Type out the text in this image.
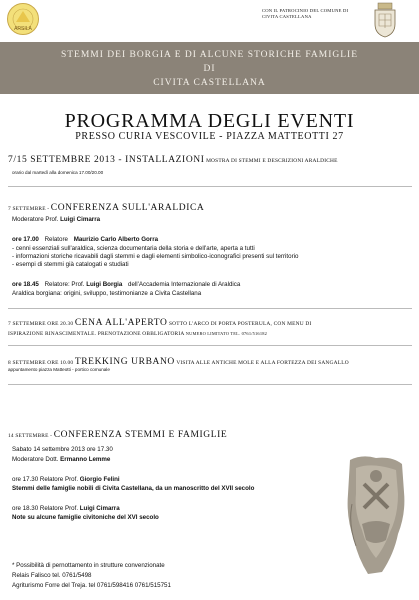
ARSILA
CON IL PATROCINIO DEL COMUNE DI
CIVITA CASTELLANA
STEMMI DEI BORGIA E DI ALCUNE STORICHE FAMIGLIE
DI
CIVITA CASTELLANA
PROGRAMMA DEGLI EVENTI
PRESSO CURIA VESCOVILE - PIAZZA MATTEOTTI 27
7/15 SETTEMBRE 2013 - INSTALLAZIONI MOSTRA DI STEMMI E DESCRIZIONI ARALDICHE
orario dal martedì alla domenica 17.00/20.00
7 SETTEMBRE - CONFERENZA SULL'ARALDICA
Moderatore Prof. Luigi Cimarra
ore 17.00 Relatore Maurizio Carlo Alberto Gorra
- cenni essenziali sull'araldica, scienza documentaria della storia e dell'arte, aperta a tutti
- informazioni storiche ricavabili dagli stemmi e dagli elementi simbolico-iconografici presenti sul territorio
- esempi di stemmi già catalogati e studiati
ore 18.45 Relatore: Prof. Luigi Borgia dell'Accademia Internazionale di Araldica
Araldica borgiana: origini, sviluppo, testimonianze a Civita Castellana
7 SETTEMBRE ORE 20.30 CENA ALL'APERTO SOTTO L'ARCO DI PORTA POSTERULA, CON MENU DI
ISPIRAZIONE RINASCIMENTALE. PRENOTAZIONE OBBLIGATORIA NUMERO LIMITATO TEL. 0761/516182
8 SETTEMBRE ORE 10.00 TREKKING URBANO VISITA ALLE ANTICHE MOLE E ALLA FORTEZZA DEI SANGALLO
appuntamento piazza Matteotti - portico comunale
14 SETTEMBRE - CONFERENZA STEMMI E FAMIGLIE
Sabato 14 settembre 2013 ore 17.30
Moderatore Dott. Ermanno Lemme
ore 17.30 Relatore Prof. Giorgio Felini
Stemmi delle famiglie nobili di Civita Castellana, da un manoscritto del XVII secolo
ore 18.30 Relatore Prof. Luigi Cimarra
Note su alcune famiglie civitoniche del XVI secolo
* Possibilità di pernottamento in strutture convenzionate
Relais Falisco tel. 0761/5498
Agriturismo Forre del Treja. tel 0761/598416 0761/515751
